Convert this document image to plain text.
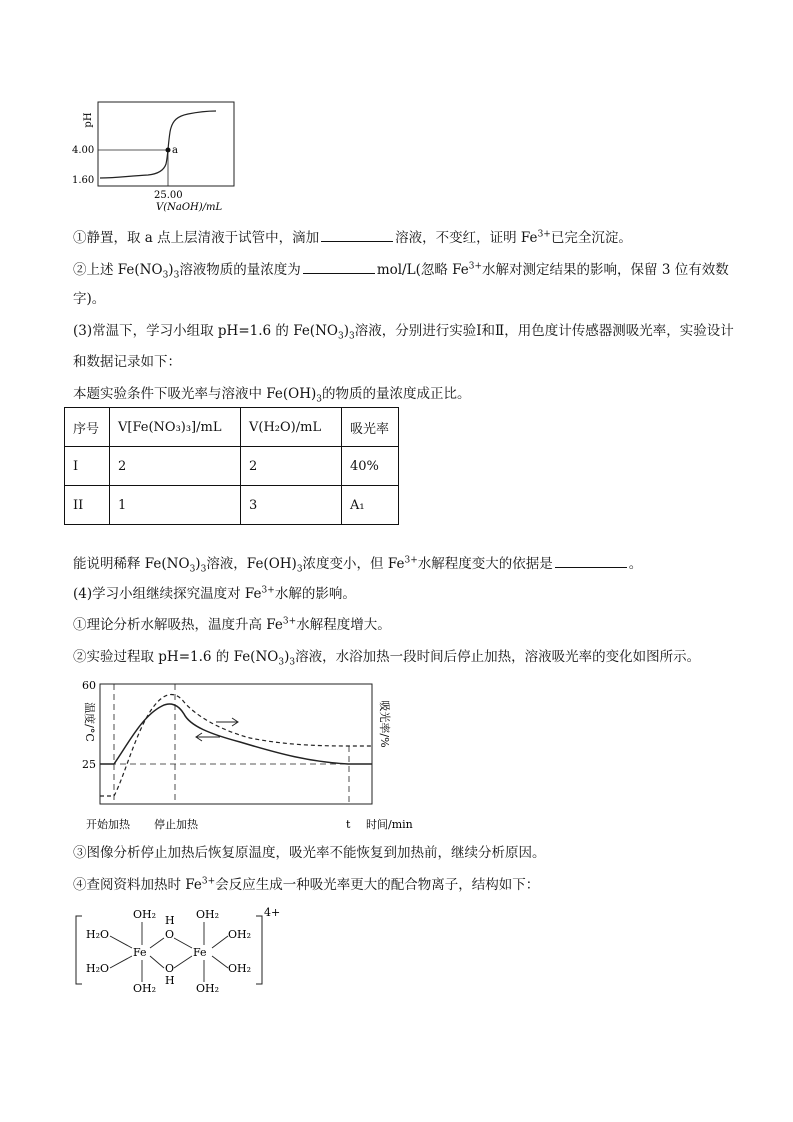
pH
4.00
1.60
a
25.00
V(NaOH)/mL
①静置，取 a 点上层清液于试管中，滴加	溶液，不变红，证明 $Fe^{3+}$已完全沉淀。
②上述 $Fe(NO_3)_3$溶液物质的量浓度为	mol/L(忽略 $Fe^{3+}$水解对测定结果的影响，保留 3 位有效数
字)。
(3)常温下，学习小组取 pH=1.6 的 $Fe(NO_3)_3$溶液，分别进行实验Ⅰ和Ⅱ，用色度计传感器测吸光率，实验设计
和数据记录如下：
本题实验条件下吸光率与溶液中 $Fe(OH)_3$的物质的量浓度成正比。
序号	V[Fe(NO₃)₃]/mL	V(H₂O)/mL	吸光率
I	2	2	40%
II	1	3	A₁
能说明稀释 $Fe(NO_3)_3$溶液，$Fe(OH)_3$浓度变小，但 $Fe^{3+}$水解程度变大的依据是	。
(4)学习小组继续探究温度对 $Fe^{3+}$水解的影响。
①理论分析水解吸热，温度升高 $Fe^{3+}$水解程度增大。
②实验过程取 pH=1.6 的 $Fe(NO_3)_3$溶液，水浴加热一段时间后停止加热，溶液吸光率的变化如图所示。
60
25
温度/°C	吸光率/%
开始加热 停止加热	t 时间/min
③图像分析停止加热后恢复原温度，吸光率不能恢复到加热前，继续分析原因。
④查阅资料加热时 $Fe^{3+}$会反应生成一种吸光率更大的配合物离子，结构如下：
4+
OH₂ H OH₂
H₂O	O	OH₂
Fe	Fe
H₂O	O	OH₂
H
OH₂	OH₂
